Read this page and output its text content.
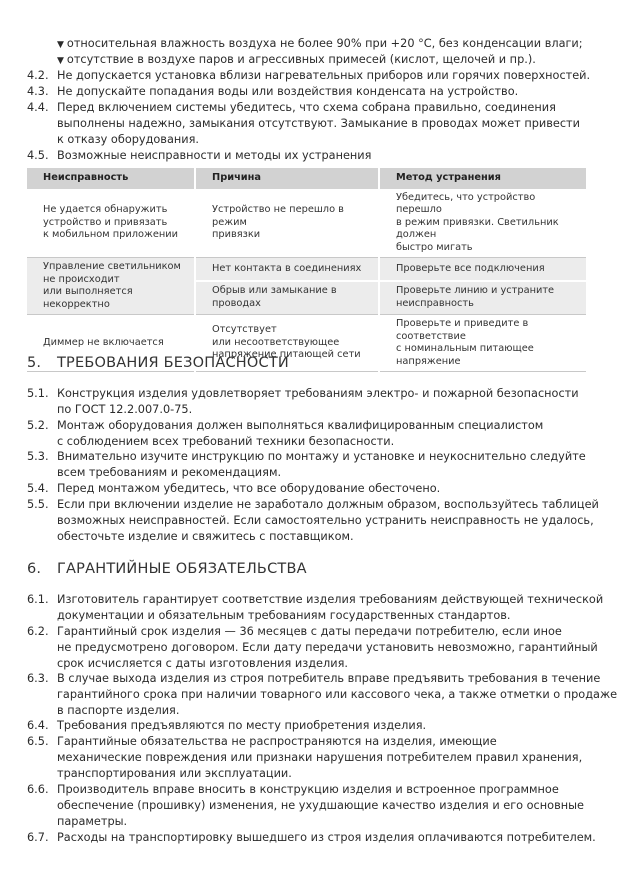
▼ относительная влажность воздуха не более 90% при +20 °С, без конденсации влаги;
▼ отсутствие в воздухе паров и агрессивных примесей (кислот, щелочей и пр.).
4.2. Не допускается установка вблизи нагревательных приборов или горячих поверхностей.
4.3. Не допускайте попадания воды или воздействия конденсата на устройство.
4.4. Перед включением системы убедитесь, что схема собрана правильно, соединения
выполнены надежно, замыкания отсутствуют. Замыкание в проводах может привести
к отказу оборудования.
4.5. Возможные неисправности и методы их устранения
Неисправность	Причина	Метод устранения
Не удается обнаружить
устройство и привязать
к мобильном приложении	Устройство не перешло в режим
привязки	Убедитесь, что устройство перешло
в режим привязки. Светильник должен
быстро мигать
Управление светильником
не происходит
или выполняется
некорректно	Нет контакта в соединениях	Проверьте все подключения
	Обрыв или замыкание в проводах	Проверьте линию и устраните
неисправность
Диммер не включается	Отсутствует
или несоответствующее
напряжение питающей сети	Проверьте и приведите в соответствие
с номинальным питающее напряжение
5. ТРЕБОВАНИЯ БЕЗОПАСНОСТИ
5.1. Конструкция изделия удовлетворяет требованиям электро- и пожарной безопасности
по ГОСТ 12.2.007.0-75.
5.2. Монтаж оборудования должен выполняться квалифицированным специалистом
с соблюдением всех требований техники безопасности.
5.3. Внимательно изучите инструкцию по монтажу и установке и неукоснительно следуйте
всем требованиям и рекомендациям.
5.4. Перед монтажом убедитесь, что все оборудование обесточено.
5.5. Если при включении изделие не заработало должным образом, воспользуйтесь таблицей
возможных неисправностей. Если самостоятельно устранить неисправность не удалось,
обесточьте изделие и свяжитесь с поставщиком.
6. ГАРАНТИЙНЫЕ ОБЯЗАТЕЛЬСТВА
6.1. Изготовитель гарантирует соответствие изделия требованиям действующей технической
документации и обязательным требованиям государственных стандартов.
6.2. Гарантийный срок изделия — 36 месяцев с даты передачи потребителю, если иное
не предусмотрено договором. Если дату передачи установить невозможно, гарантийный
срок исчисляется с даты изготовления изделия.
6.3. В случае выхода изделия из строя потребитель вправе предъявить требования в течение
гарантийного срока при наличии товарного или кассового чека, а также отметки о продаже
в паспорте изделия.
6.4. Требования предъявляются по месту приобретения изделия.
6.5. Гарантийные обязательства не распространяются на изделия, имеющие
механические повреждения или признаки нарушения потребителем правил хранения,
транспортирования или эксплуатации.
6.6. Производитель вправе вносить в конструкцию изделия и встроенное программное
обеспечение (прошивку) изменения, не ухудшающие качество изделия и его основные
параметры.
6.7. Расходы на транспортировку вышедшего из строя изделия оплачиваются потребителем.
